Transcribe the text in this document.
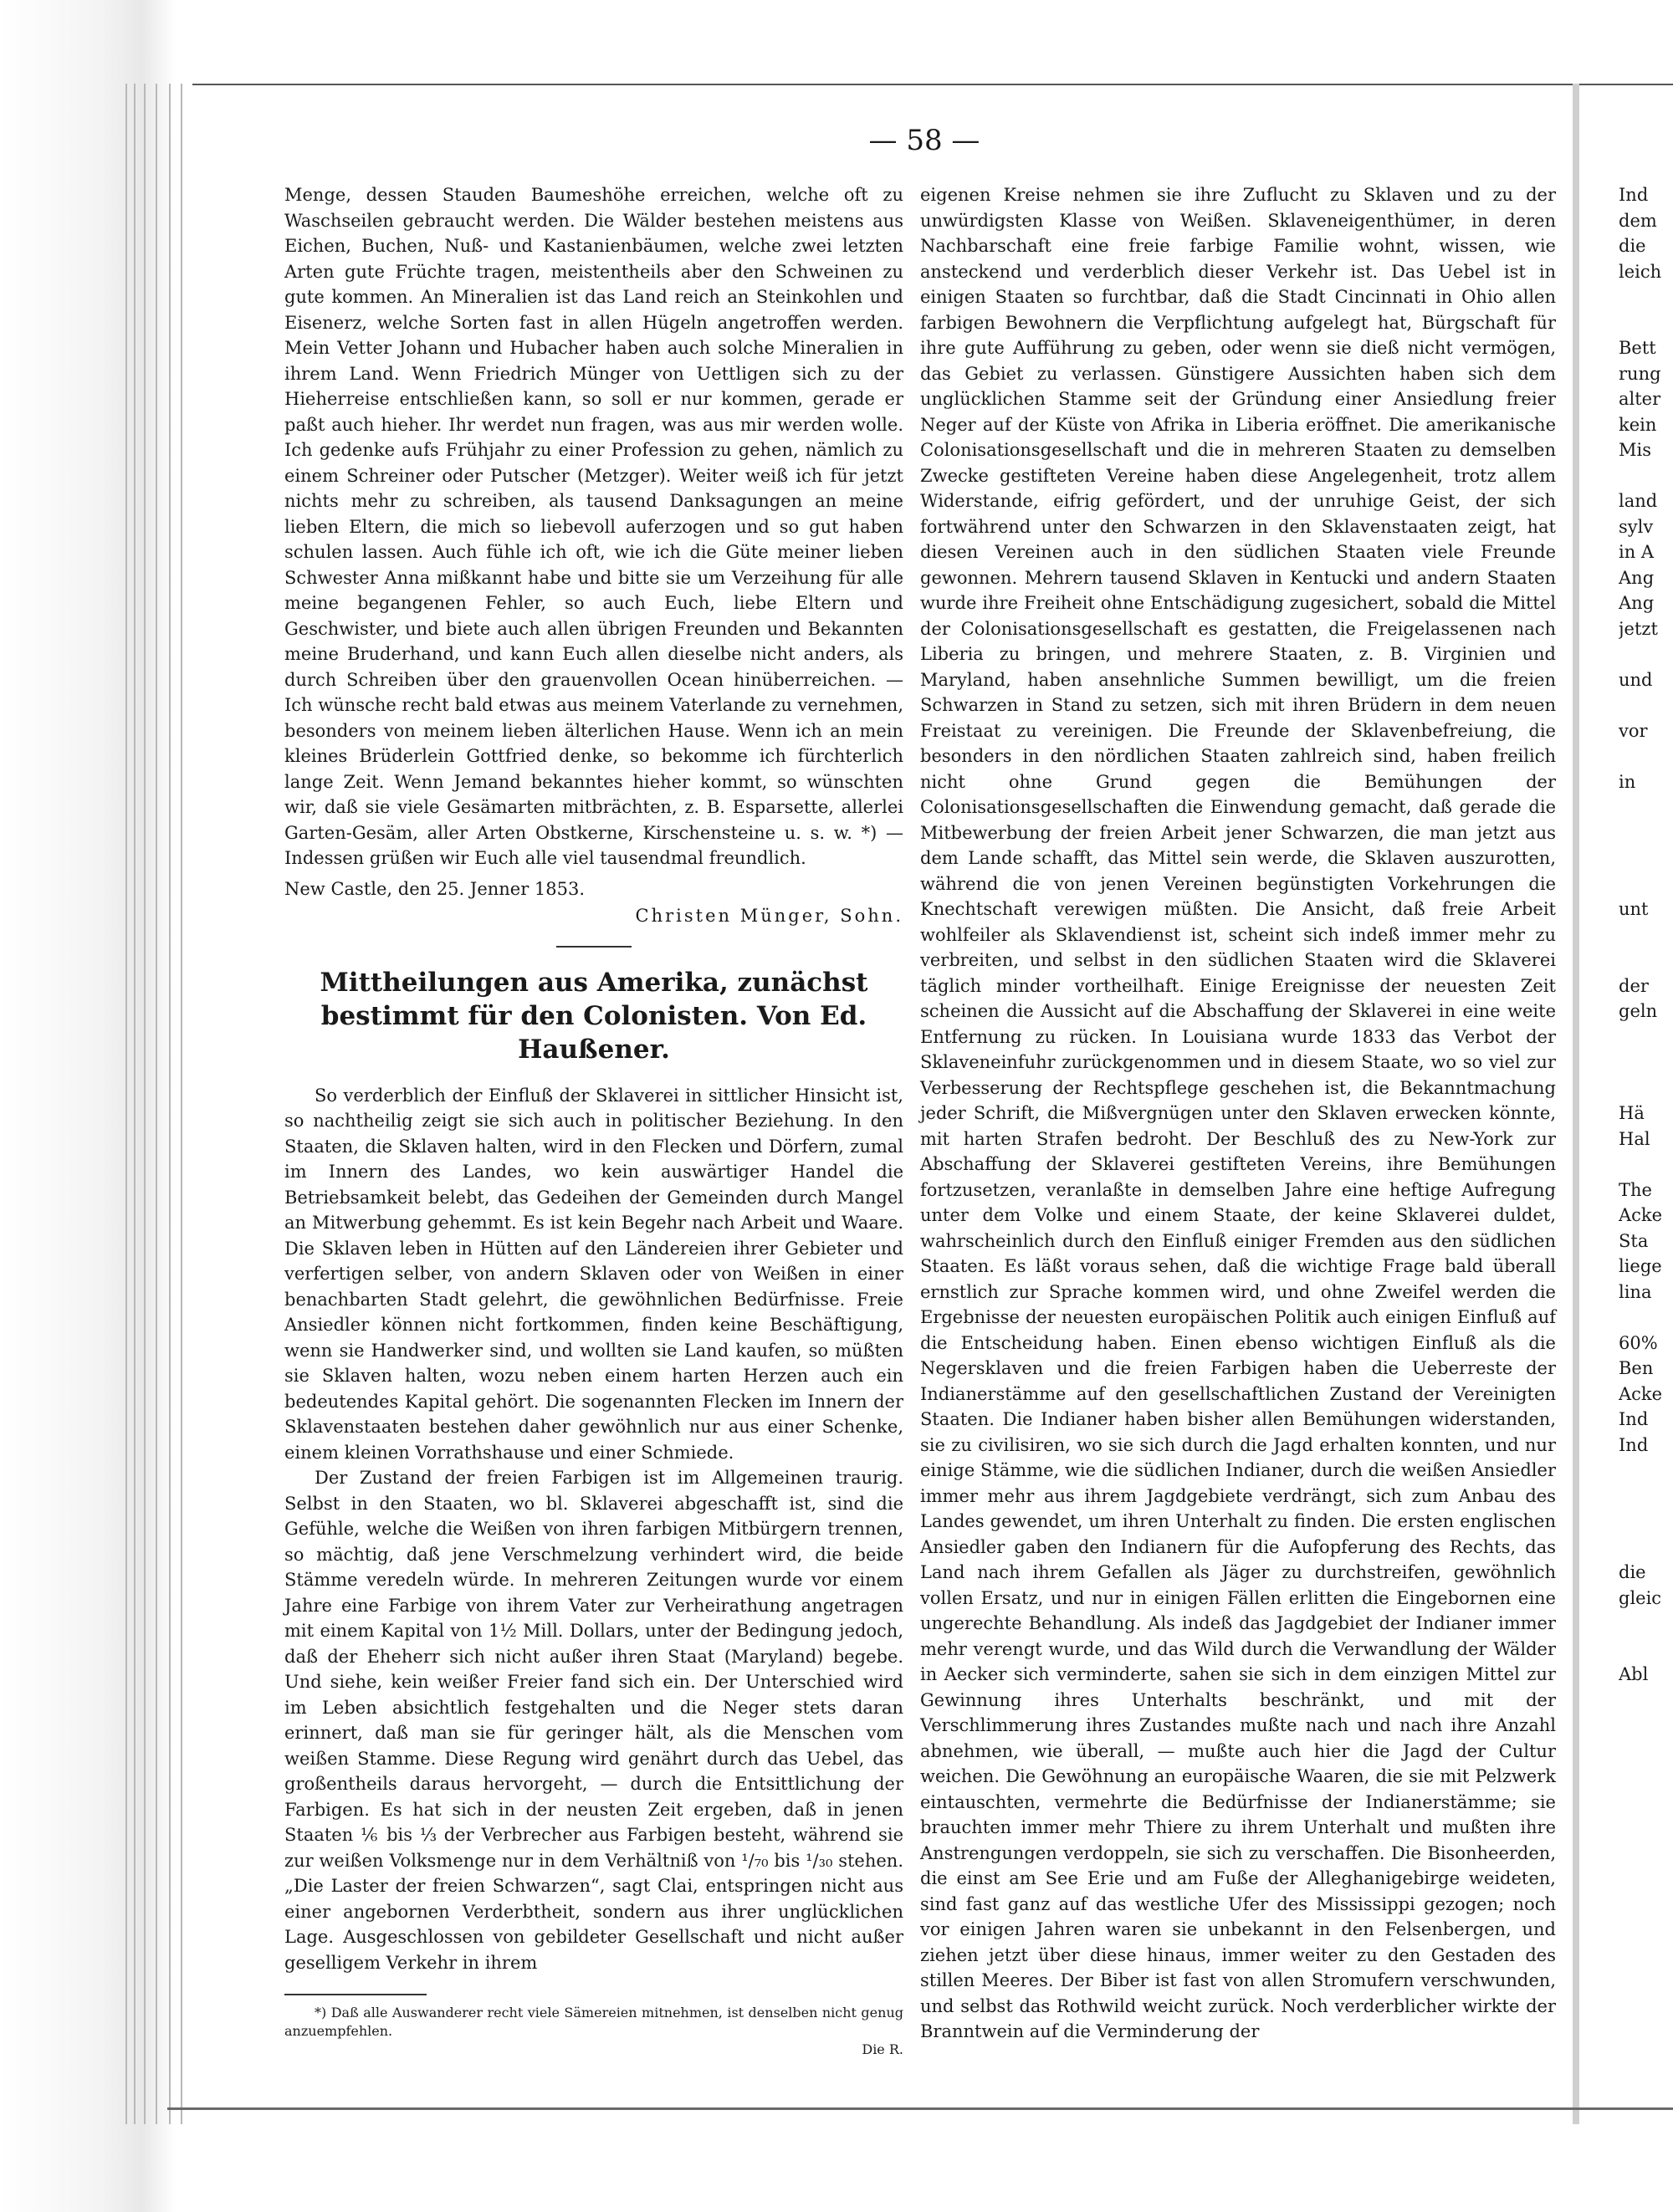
— 58 —

Menge, dessen Stauden Baumeshöhe erreichen, welche oft zu Waschseilen gebraucht werden. Die Wälder bestehen meistens aus Eichen, Buchen, Nuß- und Kastanienbäumen, welche zwei letzten Arten gute Früchte tragen, meistentheils aber den Schweinen zu gute kommen. An Mineralien ist das Land reich an Steinkohlen und Eisenerz, welche Sorten fast in allen Hügeln angetroffen werden. Mein Vetter Johann und Hubacher haben auch solche Mineralien in ihrem Land. Wenn Friedrich Münger von Uettligen sich zu der Hieherreise entschließen kann, so soll er nur kommen, gerade er paßt auch hieher. Ihr werdet nun fragen, was aus mir werden wolle. Ich gedenke aufs Frühjahr zu einer Profession zu gehen, nämlich zu einem Schreiner oder Putscher (Metzger). Weiter weiß ich für jetzt nichts mehr zu schreiben, als tausend Danksagungen an meine lieben Eltern, die mich so liebevoll auferzogen und so gut haben schulen lassen. Auch fühle ich oft, wie ich die Güte meiner lieben Schwester Anna mißkannt habe und bitte sie um Verzeihung für alle meine begangenen Fehler, so auch Euch, liebe Eltern und Geschwister, und biete auch allen übrigen Freunden und Bekannten meine Bruderhand, und kann Euch allen dieselbe nicht anders, als durch Schreiben über den grauenvollen Ocean hinüberreichen. — Ich wünsche recht bald etwas aus meinem Vaterlande zu vernehmen, besonders von meinem lieben älterlichen Hause. Wenn ich an mein kleines Brüderlein Gottfried denke, so bekomme ich fürchterlich lange Zeit. Wenn Jemand bekanntes hieher kommt, so wünschten wir, daß sie viele Gesämarten mitbrächten, z. B. Esparsette, allerlei Garten-Gesäm, aller Arten Obstkerne, Kirschensteine u. s. w. *) — Indessen grüßen wir Euch alle viel tausendmal freundlich.

New Castle, den 25. Jenner 1853.

Christen Münger, Sohn.

Mittheilungen aus Amerika, zunächst bestimmt für den Colonisten. Von Ed. Haußener.

So verderblich der Einfluß der Sklaverei in sittlicher Hinsicht ist, so nachtheilig zeigt sie sich auch in politischer Beziehung. In den Staaten, die Sklaven halten, wird in den Flecken und Dörfern, zumal im Innern des Landes, wo kein auswärtiger Handel die Betriebsamkeit belebt, das Gedeihen der Gemeinden durch Mangel an Mitwerbung gehemmt. Es ist kein Begehr nach Arbeit und Waare. Die Sklaven leben in Hütten auf den Ländereien ihrer Gebieter und verfertigen selber, von andern Sklaven oder von Weißen in einer benachbarten Stadt gelehrt, die gewöhnlichen Bedürfnisse. Freie Ansiedler können nicht fortkommen, finden keine Beschäftigung, wenn sie Handwerker sind, und wollten sie Land kaufen, so müßten sie Sklaven halten, wozu neben einem harten Herzen auch ein bedeutendes Kapital gehört. Die sogenannten Flecken im Innern der Sklavenstaaten bestehen daher gewöhnlich nur aus einer Schenke, einem kleinen Vorrathshause und einer Schmiede.

Der Zustand der freien Farbigen ist im Allgemeinen traurig. Selbst in den Staaten, wo bl. Sklaverei abgeschafft ist, sind die Gefühle, welche die Weißen von ihren farbigen Mitbürgern trennen, so mächtig, daß jene Verschmelzung verhindert wird, die beide Stämme veredeln würde. In mehreren Zeitungen wurde vor einem Jahre eine Farbige von ihrem Vater zur Verheirathung angetragen mit einem Kapital von 1½ Mill. Dollars, unter der Bedingung jedoch, daß der Eheherr sich nicht außer ihren Staat (Maryland) begebe. Und siehe, kein weißer Freier fand sich ein. Der Unterschied wird im Leben absichtlich festgehalten und die Neger stets daran erinnert, daß man sie für geringer hält, als die Menschen vom weißen Stamme. Diese Regung wird genährt durch das Uebel, das großentheils daraus hervorgeht, — durch die Entsittlichung der Farbigen. Es hat sich in der neusten Zeit ergeben, daß in jenen Staaten ⅙ bis ⅓ der Verbrecher aus Farbigen besteht, während sie zur weißen Volksmenge nur in dem Verhältniß von ¹/₇₀ bis ¹/₃₀ stehen. „Die Laster der freien Schwarzen“, sagt Clai, entspringen nicht aus einer angebornen Verderbtheit, sondern aus ihrer unglücklichen Lage. Ausgeschlossen von gebildeter Gesellschaft und nicht außer geselligem Verkehr in ihrem

*) Daß alle Auswanderer recht viele Sämereien mitnehmen, ist denselben nicht genug anzuempfehlen.

Die R.

eigenen Kreise nehmen sie ihre Zuflucht zu Sklaven und zu der unwürdigsten Klasse von Weißen. Sklaveneigenthümer, in deren Nachbarschaft eine freie farbige Familie wohnt, wissen, wie ansteckend und verderblich dieser Verkehr ist. Das Uebel ist in einigen Staaten so furchtbar, daß die Stadt Cincinnati in Ohio allen farbigen Bewohnern die Verpflichtung aufgelegt hat, Bürgschaft für ihre gute Aufführung zu geben, oder wenn sie dieß nicht vermögen, das Gebiet zu verlassen. Günstigere Aussichten haben sich dem unglücklichen Stamme seit der Gründung einer Ansiedlung freier Neger auf der Küste von Afrika in Liberia eröffnet. Die amerikanische Colonisationsgesellschaft und die in mehreren Staaten zu demselben Zwecke gestifteten Vereine haben diese Angelegenheit, trotz allem Widerstande, eifrig gefördert, und der unruhige Geist, der sich fortwährend unter den Schwarzen in den Sklavenstaaten zeigt, hat diesen Vereinen auch in den südlichen Staaten viele Freunde gewonnen. Mehrern tausend Sklaven in Kentucki und andern Staaten wurde ihre Freiheit ohne Entschädigung zugesichert, sobald die Mittel der Colonisationsgesellschaft es gestatten, die Freigelassenen nach Liberia zu bringen, und mehrere Staaten, z. B. Virginien und Maryland, haben ansehnliche Summen bewilligt, um die freien Schwarzen in Stand zu setzen, sich mit ihren Brüdern in dem neuen Freistaat zu vereinigen. Die Freunde der Sklavenbefreiung, die besonders in den nördlichen Staaten zahlreich sind, haben freilich nicht ohne Grund gegen die Bemühungen der Colonisationsgesellschaften die Einwendung gemacht, daß gerade die Mitbewerbung der freien Arbeit jener Schwarzen, die man jetzt aus dem Lande schafft, das Mittel sein werde, die Sklaven auszurotten, während die von jenen Vereinen begünstigten Vorkehrungen die Knechtschaft verewigen müßten. Die Ansicht, daß freie Arbeit wohlfeiler als Sklavendienst ist, scheint sich indeß immer mehr zu verbreiten, und selbst in den südlichen Staaten wird die Sklaverei täglich minder vortheilhaft. Einige Ereignisse der neuesten Zeit scheinen die Aussicht auf die Abschaffung der Sklaverei in eine weite Entfernung zu rücken. In Louisiana wurde 1833 das Verbot der Sklaveneinfuhr zurückgenommen und in diesem Staate, wo so viel zur Verbesserung der Rechtspflege geschehen ist, die Bekanntmachung jeder Schrift, die Mißvergnügen unter den Sklaven erwecken könnte, mit harten Strafen bedroht. Der Beschluß des zu New-York zur Abschaffung der Sklaverei gestifteten Vereins, ihre Bemühungen fortzusetzen, veranlaßte in demselben Jahre eine heftige Aufregung unter dem Volke und einem Staate, der keine Sklaverei duldet, wahrscheinlich durch den Einfluß einiger Fremden aus den südlichen Staaten. Es läßt voraus sehen, daß die wichtige Frage bald überall ernstlich zur Sprache kommen wird, und ohne Zweifel werden die Ergebnisse der neuesten europäischen Politik auch einigen Einfluß auf die Entscheidung haben. Einen ebenso wichtigen Einfluß als die Negersklaven und die freien Farbigen haben die Ueberreste der Indianerstämme auf den gesellschaftlichen Zustand der Vereinigten Staaten. Die Indianer haben bisher allen Bemühungen widerstanden, sie zu civilisiren, wo sie sich durch die Jagd erhalten konnten, und nur einige Stämme, wie die südlichen Indianer, durch die weißen Ansiedler immer mehr aus ihrem Jagdgebiete verdrängt, sich zum Anbau des Landes gewendet, um ihren Unterhalt zu finden. Die ersten englischen Ansiedler gaben den Indianern für die Aufopferung des Rechts, das Land nach ihrem Gefallen als Jäger zu durchstreifen, gewöhnlich vollen Ersatz, und nur in einigen Fällen erlitten die Eingebornen eine ungerechte Behandlung. Als indeß das Jagdgebiet der Indianer immer mehr verengt wurde, und das Wild durch die Verwandlung der Wälder in Aecker sich verminderte, sahen sie sich in dem einzigen Mittel zur Gewinnung ihres Unterhalts beschränkt, und mit der Verschlimmerung ihres Zustandes mußte nach und nach ihre Anzahl abnehmen, wie überall, — mußte auch hier die Jagd der Cultur weichen. Die Gewöhnung an europäische Waaren, die sie mit Pelzwerk eintauschten, vermehrte die Bedürfnisse der Indianerstämme; sie brauchten immer mehr Thiere zu ihrem Unterhalt und mußten ihre Anstrengungen verdoppeln, sie sich zu verschaffen. Die Bisonheerden, die einst am See Erie und am Fuße der Alleghanigebirge weideten, sind fast ganz auf das westliche Ufer des Mississippi gezogen; noch vor einigen Jahren waren sie unbekannt in den Felsenbergen, und ziehen jetzt über diese hinaus, immer weiter zu den Gestaden des stillen Meeres. Der Biber ist fast von allen Stromufern verschwunden, und selbst das Rothwild weicht zurück. Noch verderblicher wirkte der Branntwein auf die Verminderung der

Ind
dem
die
leich
Bett
rung
alter
kein
Mis
land
sylv
in A
Ang
Ang
jetzt
und
vor
in
unt
der
geln
Hä
Hal
The
Acke
Sta
liege
lina
60%
Ben
Acke
Ind
Ind
die
gleic
Abl
